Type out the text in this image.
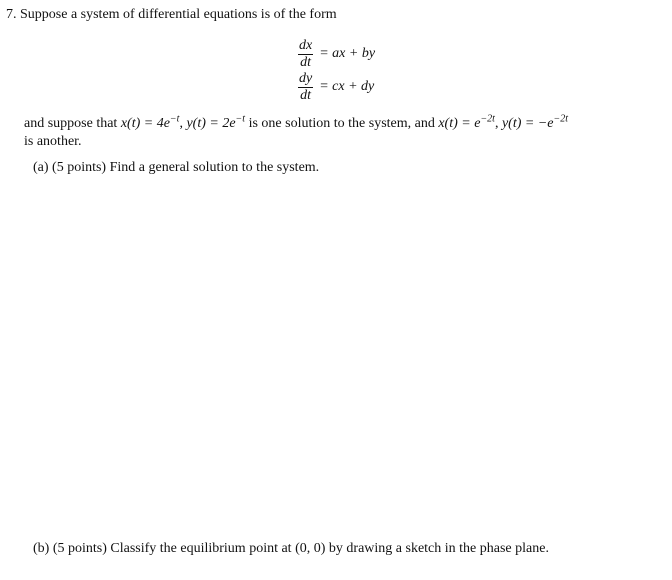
7. Suppose a system of differential equations is of the form
$\frac{dx}{dt}$ = ax + by
$\frac{dy}{dt}$ = cx + dy
and suppose that $x(t) = 4e^{-t}$, $y(t) = 2e^{-t}$ is one solution to the system, and $x(t) = e^{-2t}$, $y(t) = -e^{-2t}$
is another.
(a) (5 points) Find a general solution to the system.
(b) (5 points) Classify the equilibrium point at (0, 0) by drawing a sketch in the phase plane.
